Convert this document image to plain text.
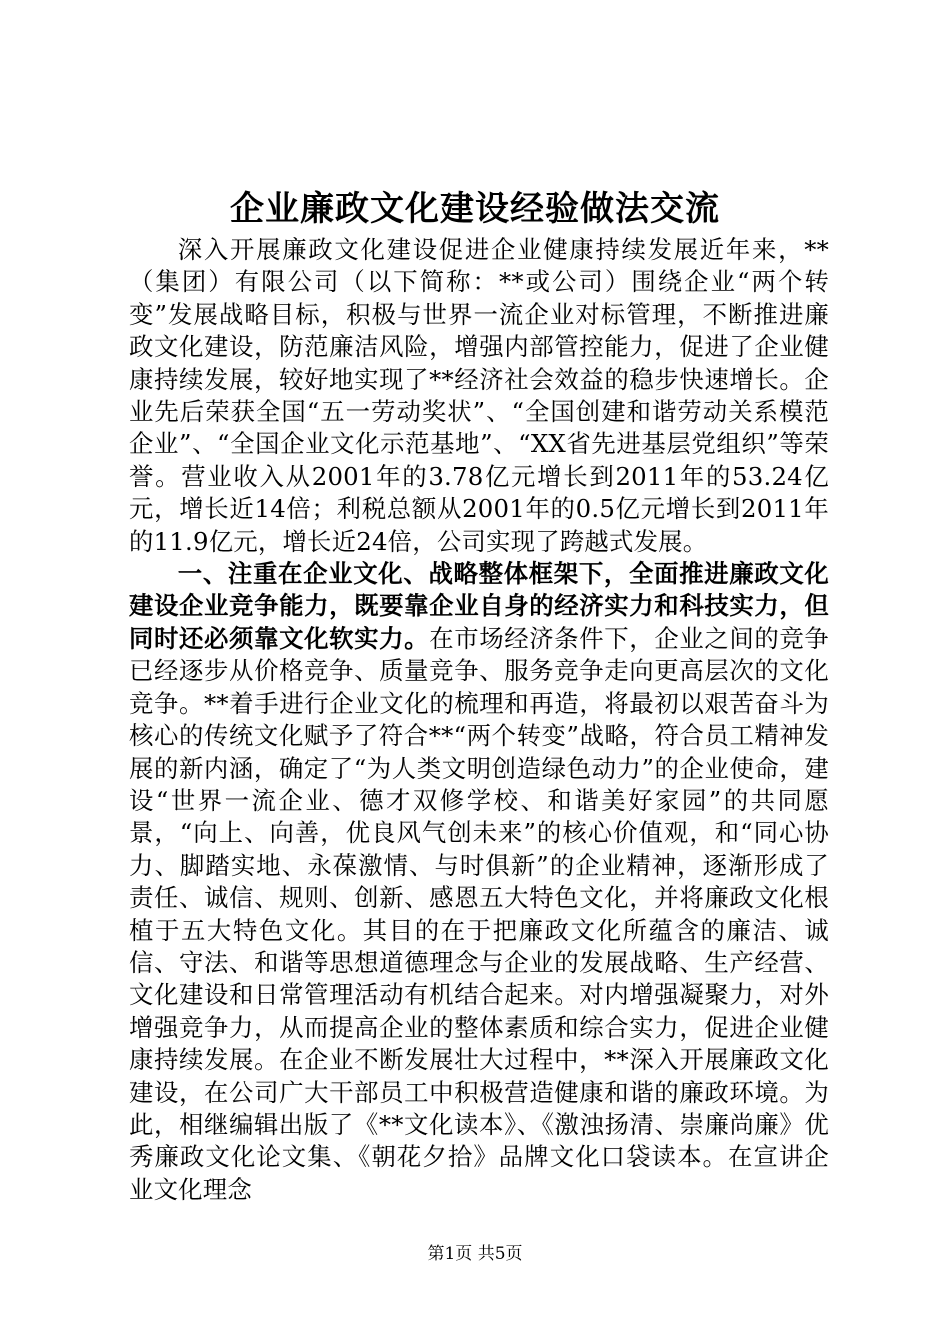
企业廉政文化建设经验做法交流

深入开展廉政文化建设促进企业健康持续发展近年来，**（集团）有限公司（以下简称：**或公司）围绕企业“两个转变”发展战略目标，积极与世界一流企业对标管理，不断推进廉政文化建设，防范廉洁风险，增强内部管控能力，促进了企业健康持续发展，较好地实现了**经济社会效益的稳步快速增长。企业先后荣获全国“五一劳动奖状”、“全国创建和谐劳动关系模范企业”、“全国企业文化示范基地”、“XX省先进基层党组织”等荣誉。营业收入从2001年的3.78亿元增长到2011年的53.24亿元，增长近14倍；利税总额从2001年的0.5亿元增长到2011年的11.9亿元，增长近24倍，公司实现了跨越式发展。

一、注重在企业文化、战略整体框架下，全面推进廉政文化建设企业竞争能力，既要靠企业自身的经济实力和科技实力，但同时还必须靠文化软实力。在市场经济条件下，企业之间的竞争已经逐步从价格竞争、质量竞争、服务竞争走向更高层次的文化竞争。**着手进行企业文化的梳理和再造，将最初以艰苦奋斗为核心的传统文化赋予了符合**“两个转变”战略，符合员工精神发展的新内涵，确定了“为人类文明创造绿色动力”的企业使命，建设“世界一流企业、德才双修学校、和谐美好家园”的共同愿景，“向上、向善，优良风气创未来”的核心价值观，和“同心协力、脚踏实地、永葆激情、与时俱新”的企业精神，逐渐形成了责任、诚信、规则、创新、感恩五大特色文化，并将廉政文化根植于五大特色文化。其目的在于把廉政文化所蕴含的廉洁、诚信、守法、和谐等思想道德理念与企业的发展战略、生产经营、文化建设和日常管理活动有机结合起来。对内增强凝聚力，对外增强竞争力，从而提高企业的整体素质和综合实力，促进企业健康持续发展。在企业不断发展壮大过程中，**深入开展廉政文化建设，在公司广大干部员工中积极营造健康和谐的廉政环境。为此，相继编辑出版了《**文化读本》、《激浊扬清、崇廉尚廉》优秀廉政文化论文集、《朝花夕拾》品牌文化口袋读本。在宣讲企业文化理念

第1页 共5页
